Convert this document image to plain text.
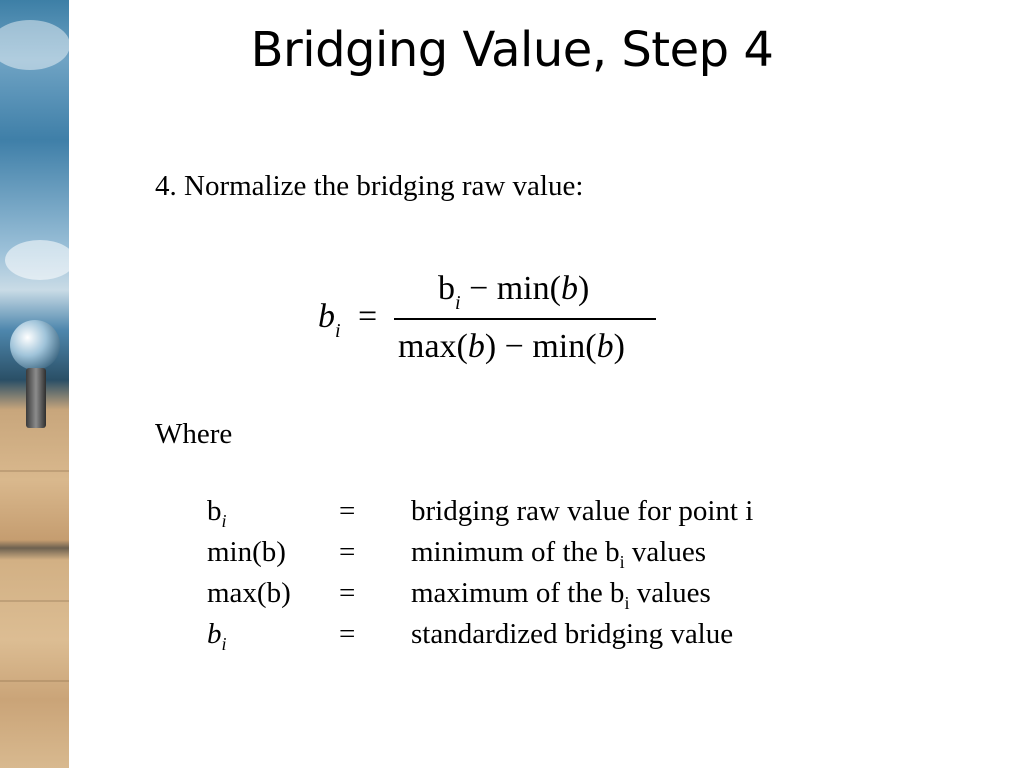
Bridging Value, Step 4
4. Normalize the bridging raw value:
$b_i$ =
$b_i - \min(b)$
max(b) − min(b)
Where
$b_i$	= bridging raw value for point i
min(b) = minimum of the $b_i$ values
max(b) = maximum of the $b_i$ values
$b_i$	= standardized bridging value
